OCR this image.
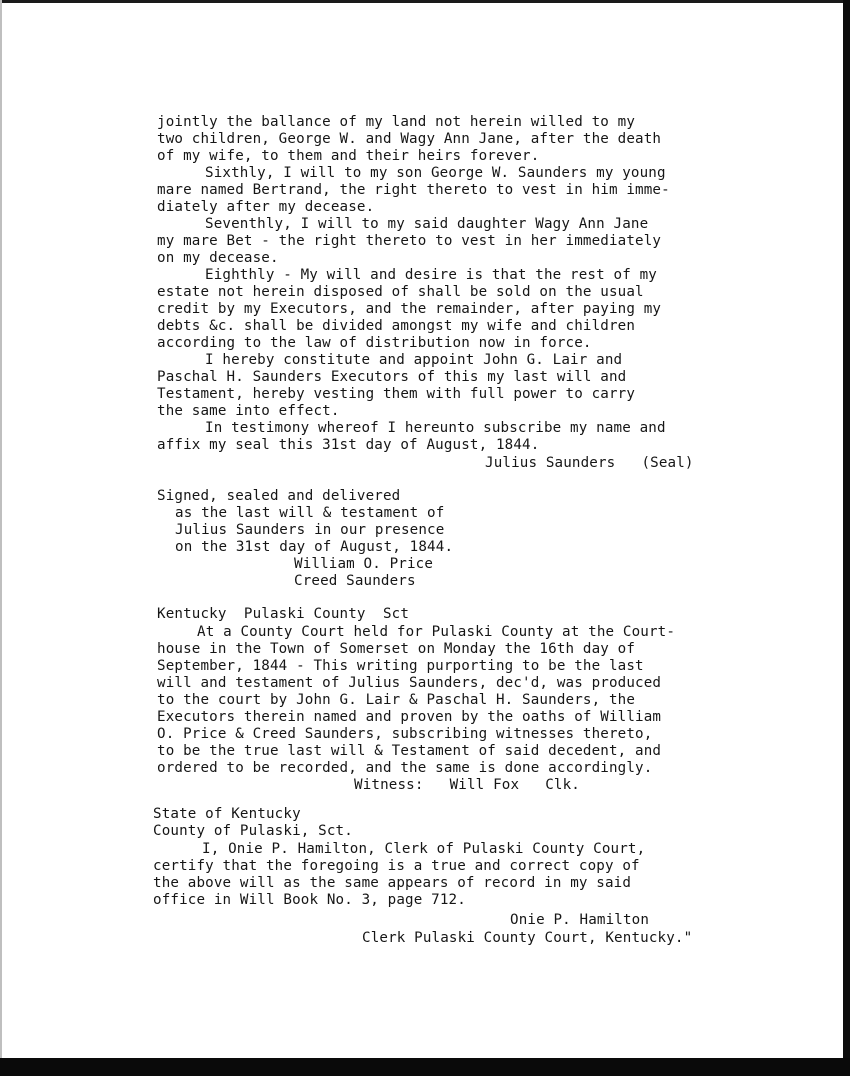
jointly the ballance of my land not herein willed to my

two children, George W. and Wagy Ann Jane, after the death

of my wife, to them and their heirs forever.

Sixthly, I will to my son George W. Saunders my young

mare named Bertrand, the right thereto to vest in him imme-

diately after my decease.

Seventhly, I will to my said daughter Wagy Ann Jane

my mare Bet - the right thereto to vest in her immediately

on my decease.

Eighthly - My will and desire is that the rest of my

estate not herein disposed of shall be sold on the usual

credit by my Executors, and the remainder, after paying my

debts &c. shall be divided amongst my wife and children

according to the law of distribution now in force.

I hereby constitute and appoint John G. Lair and

Paschal H. Saunders Executors of this my last will and

Testament, hereby vesting them with full power to carry

the same into effect.

In testimony whereof I hereunto subscribe my name and

affix my seal this 31st day of August, 1844.

Julius Saunders   (Seal)

Signed, sealed and delivered

as the last will & testament of

Julius Saunders in our presence

on the 31st day of August, 1844.

William O. Price

Creed Saunders

Kentucky  Pulaski County  Sct

At a County Court held for Pulaski County at the Court-

house in the Town of Somerset on Monday the 16th day of

September, 1844 - This writing purporting to be the last

will and testament of Julius Saunders, dec'd, was produced

to the court by John G. Lair & Paschal H. Saunders, the

Executors therein named and proven by the oaths of William

O. Price & Creed Saunders, subscribing witnesses thereto,

to be the true last will & Testament of said decedent, and

ordered to be recorded, and the same is done accordingly.

Witness:   Will Fox   Clk.

State of Kentucky

County of Pulaski, Sct.

I, Onie P. Hamilton, Clerk of Pulaski County Court,

certify that the foregoing is a true and correct copy of

the above will as the same appears of record in my said

office in Will Book No. 3, page 712.

Onie P. Hamilton

Clerk Pulaski County Court, Kentucky."
